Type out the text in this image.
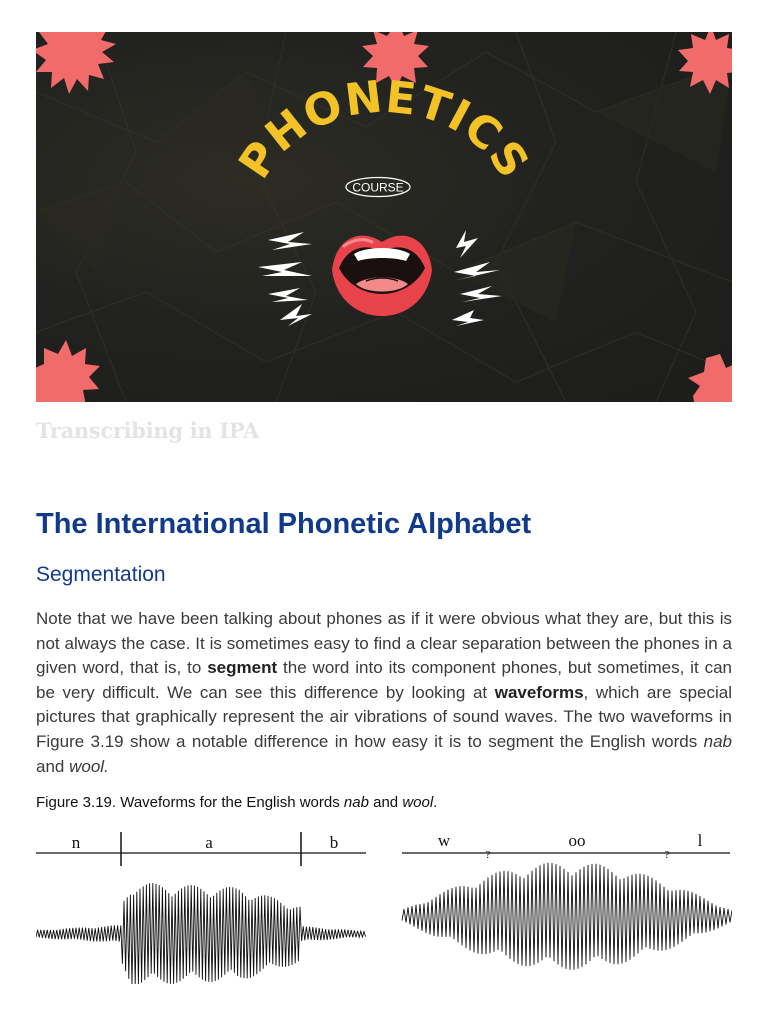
PHONETICS
COURSE
Transcribing in IPA
The International Phonetic Alphabet
Segmentation

Note that we have been talking about phones as if it were obvious what they are, but this is not always the case. It is sometimes easy to find a clear separation between the phones in a given word, that is, to segment the word into its component phones, but sometimes, it can be very difficult. We can see this difference by looking at waveforms, which are special pictures that graphically represent the air vibrations of sound waves. The two waveforms in Figure 3.19 show a notable difference in how easy it is to segment the English words nab and wool.

Figure 3.19. Waveforms for the English words nab and wool.
n	a	b	w	oo	l
?	?
